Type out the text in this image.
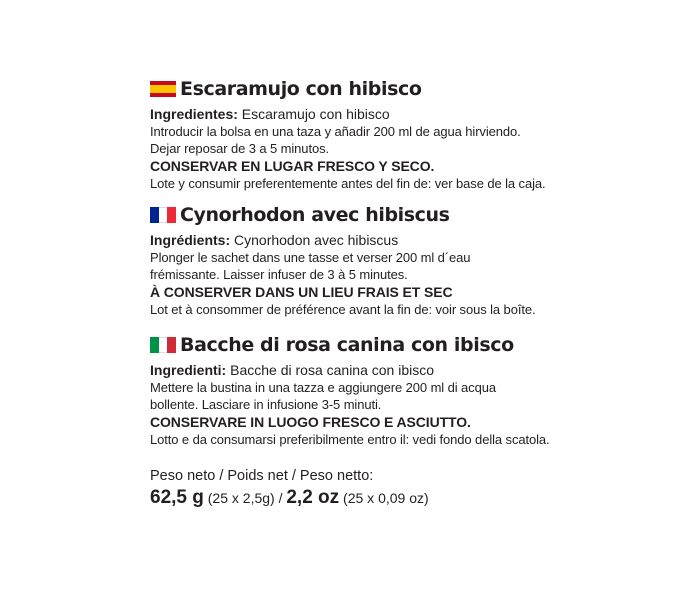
Escaramujo con hibisco
Ingredientes: Escaramujo con hibisco
Introducir la bolsa en una taza y añadir 200 ml de agua hirviendo.
Dejar reposar de 3 a 5 minutos.
CONSERVAR EN LUGAR FRESCO Y SECO.
Lote y consumir preferentemente antes del fin de: ver base de la caja.
Cynorhodon avec hibiscus
Ingrédients: Cynorhodon avec hibiscus
Plonger le sachet dans une tasse et verser 200 ml d´eau
frémissante. Laisser infuser de 3 à 5 minutes.
À CONSERVER DANS UN LIEU FRAIS ET SEC
Lot et à consommer de préférence avant la fin de: voir sous la boîte.
Bacche di rosa canina con ibisco
Ingredienti: Bacche di rosa canina con ibisco
Mettere la bustina in una tazza e aggiungere 200 ml di acqua
bollente. Lasciare in infusione 3-5 minuti.
CONSERVARE IN LUOGO FRESCO E ASCIUTTO.
Lotto e da consumarsi preferibilmente entro il: vedi fondo della scatola.
Peso neto / Poids net / Peso netto:
62,5 g (25 x 2,5g) / 2,2 oz (25 x 0,09 oz)
